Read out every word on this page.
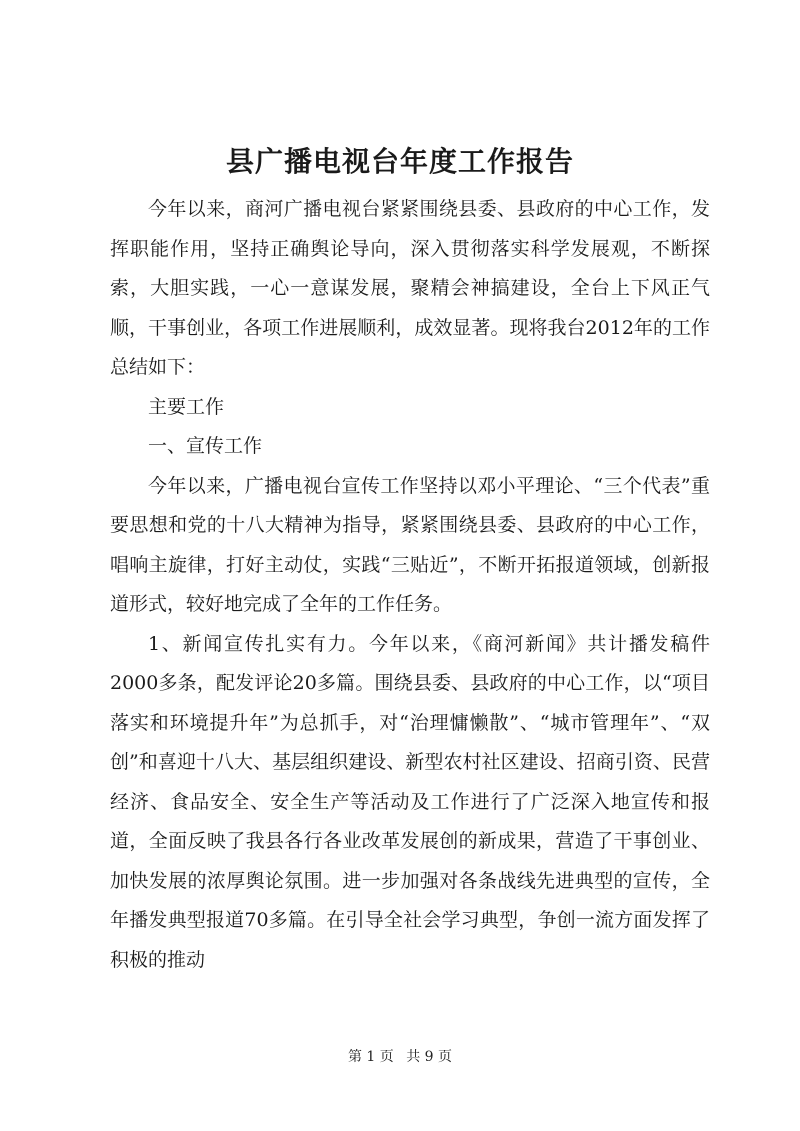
县广播电视台年度工作报告

今年以来，商河广播电视台紧紧围绕县委、县政府的中心工作，发挥职能作用，坚持正确舆论导向，深入贯彻落实科学发展观，不断探索，大胆实践，一心一意谋发展，聚精会神搞建设，全台上下风正气顺，干事创业，各项工作进展顺利，成效显著。现将我台2012年的工作总结如下：

主要工作

一、宣传工作

今年以来，广播电视台宣传工作坚持以邓小平理论、“三个代表”重要思想和党的十八大精神为指导，紧紧围绕县委、县政府的中心工作，唱响主旋律，打好主动仗，实践“三贴近”，不断开拓报道领域，创新报道形式，较好地完成了全年的工作任务。

1、新闻宣传扎实有力。今年以来，《商河新闻》共计播发稿件2000多条，配发评论20多篇。围绕县委、县政府的中心工作，以“项目落实和环境提升年”为总抓手，对“治理慵懒散”、“城市管理年”、“双创”和喜迎十八大、基层组织建设、新型农村社区建设、招商引资、民营经济、食品安全、安全生产等活动及工作进行了广泛深入地宣传和报道，全面反映了我县各行各业改革发展创的新成果，营造了干事创业、加快发展的浓厚舆论氛围。进一步加强对各条战线先进典型的宣传，全年播发典型报道70多篇。在引导全社会学习典型，争创一流方面发挥了积极的推动

第 1 页 共 9 页
